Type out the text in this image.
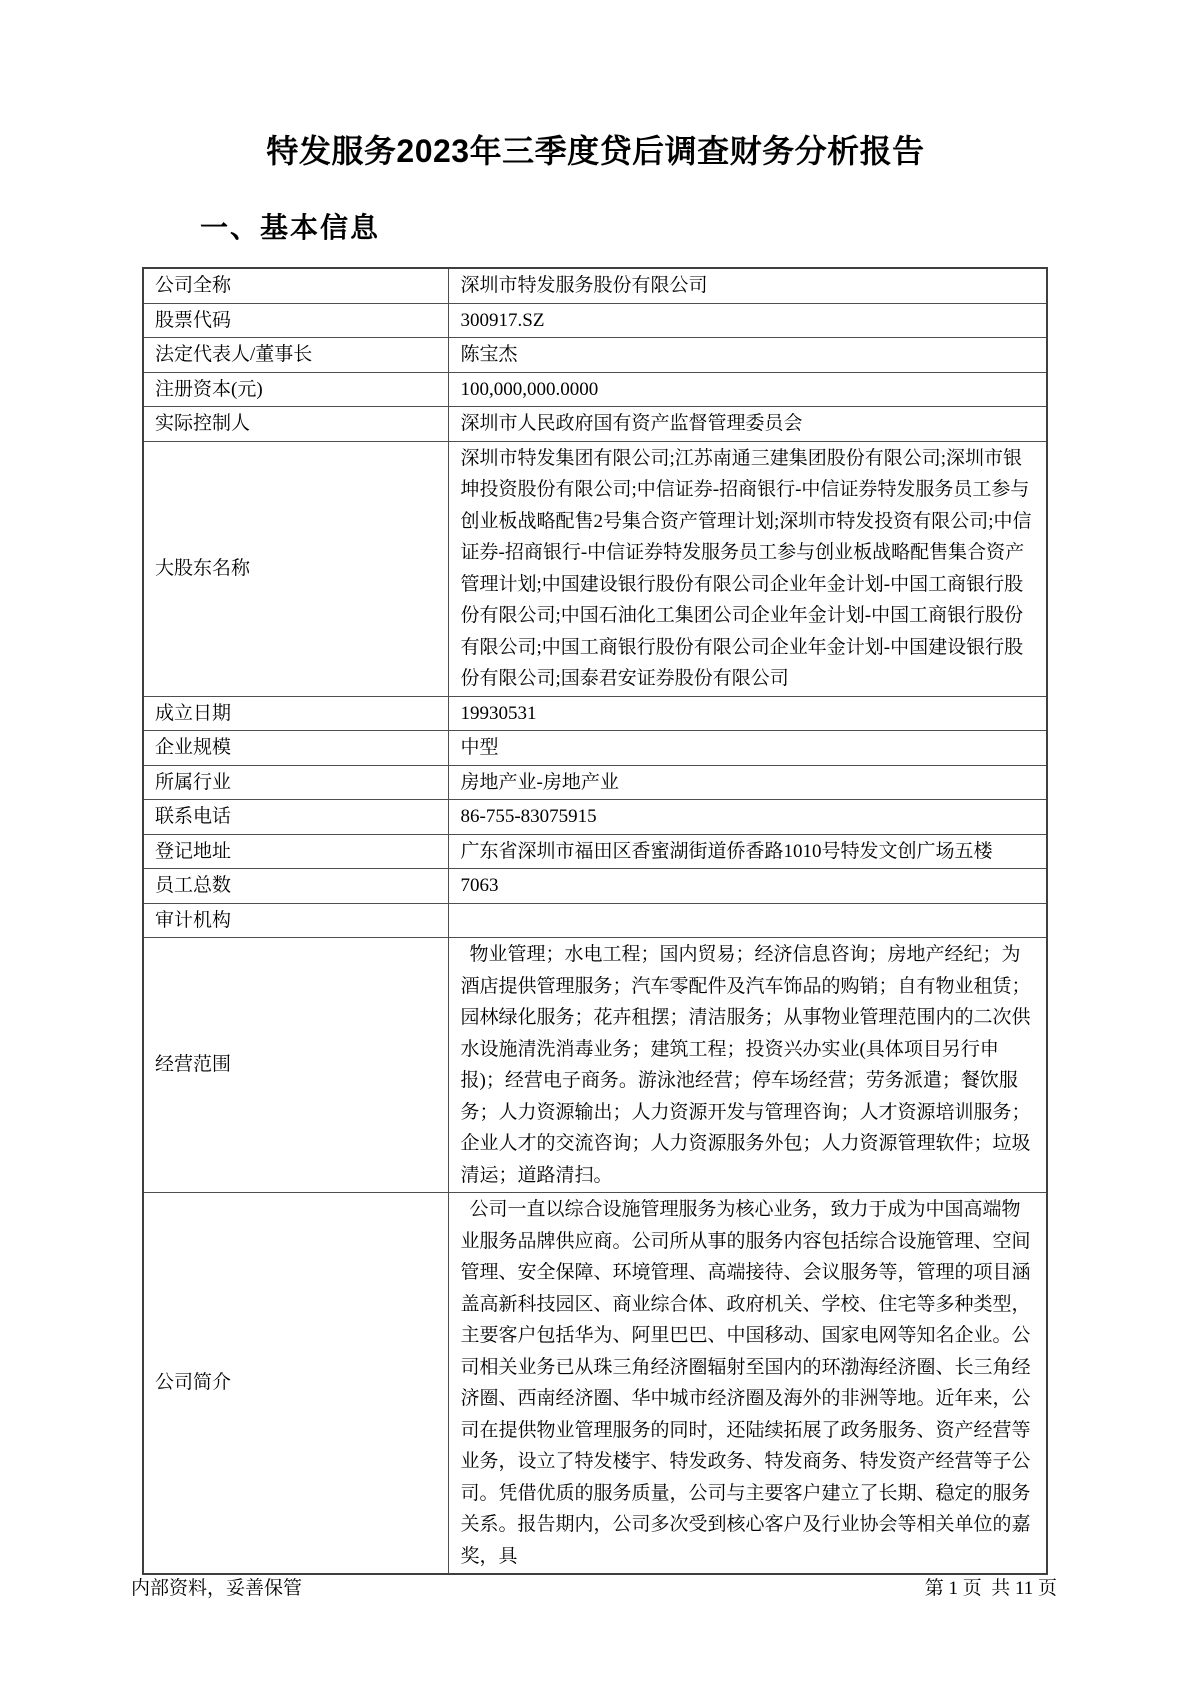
特发服务2023年三季度贷后调查财务分析报告
一、基本信息
公司全称	深圳市特发服务股份有限公司
股票代码	300917.SZ
法定代表人/董事长	陈宝杰
注册资本(元)	100,000,000.0000
实际控制人	深圳市人民政府国有资产监督管理委员会
大股东名称	深圳市特发集团有限公司;江苏南通三建集团股份有限公司;深圳市银坤投资股份有限公司;中信证券-招商银行-中信证券特发服务员工参与创业板战略配售2号集合资产管理计划;深圳市特发投资有限公司;中信证券-招商银行-中信证券特发服务员工参与创业板战略配售集合资产管理计划;中国建设银行股份有限公司企业年金计划-中国工商银行股份有限公司;中国石油化工集团公司企业年金计划-中国工商银行股份有限公司;中国工商银行股份有限公司企业年金计划-中国建设银行股份有限公司;国泰君安证券股份有限公司
成立日期	19930531
企业规模	中型
所属行业	房地产业-房地产业
联系电话	86-755-83075915
登记地址	广东省深圳市福田区香蜜湖街道侨香路1010号特发文创广场五楼
员工总数	7063
审计机构	
经营范围	物业管理；水电工程；国内贸易；经济信息咨询；房地产经纪；为酒店提供管理服务；汽车零配件及汽车饰品的购销；自有物业租赁；园林绿化服务；花卉租摆；清洁服务；从事物业管理范围内的二次供水设施清洗消毒业务；建筑工程；投资兴办实业(具体项目另行申报)；经营电子商务。游泳池经营；停车场经营；劳务派遣；餐饮服务；人力资源输出；人力资源开发与管理咨询；人才资源培训服务；企业人才的交流咨询；人力资源服务外包；人力资源管理软件；垃圾清运；道路清扫。
公司简介	公司一直以综合设施管理服务为核心业务，致力于成为中国高端物业服务品牌供应商。公司所从事的服务内容包括综合设施管理、空间管理、安全保障、环境管理、高端接待、会议服务等，管理的项目涵盖高新科技园区、商业综合体、政府机关、学校、住宅等多种类型，主要客户包括华为、阿里巴巴、中国移动、国家电网等知名企业。公司相关业务已从珠三角经济圈辐射至国内的环渤海经济圈、长三角经济圈、西南经济圈、华中城市经济圈及海外的非洲等地。近年来，公司在提供物业管理服务的同时，还陆续拓展了政务服务、资产经营等业务，设立了特发楼宇、特发政务、特发商务、特发资产经营等子公司。凭借优质的服务质量，公司与主要客户建立了长期、稳定的服务关系。报告期内，公司多次受到核心客户及行业协会等相关单位的嘉奖，具
内部资料，妥善保管	第 1 页  共 11 页
